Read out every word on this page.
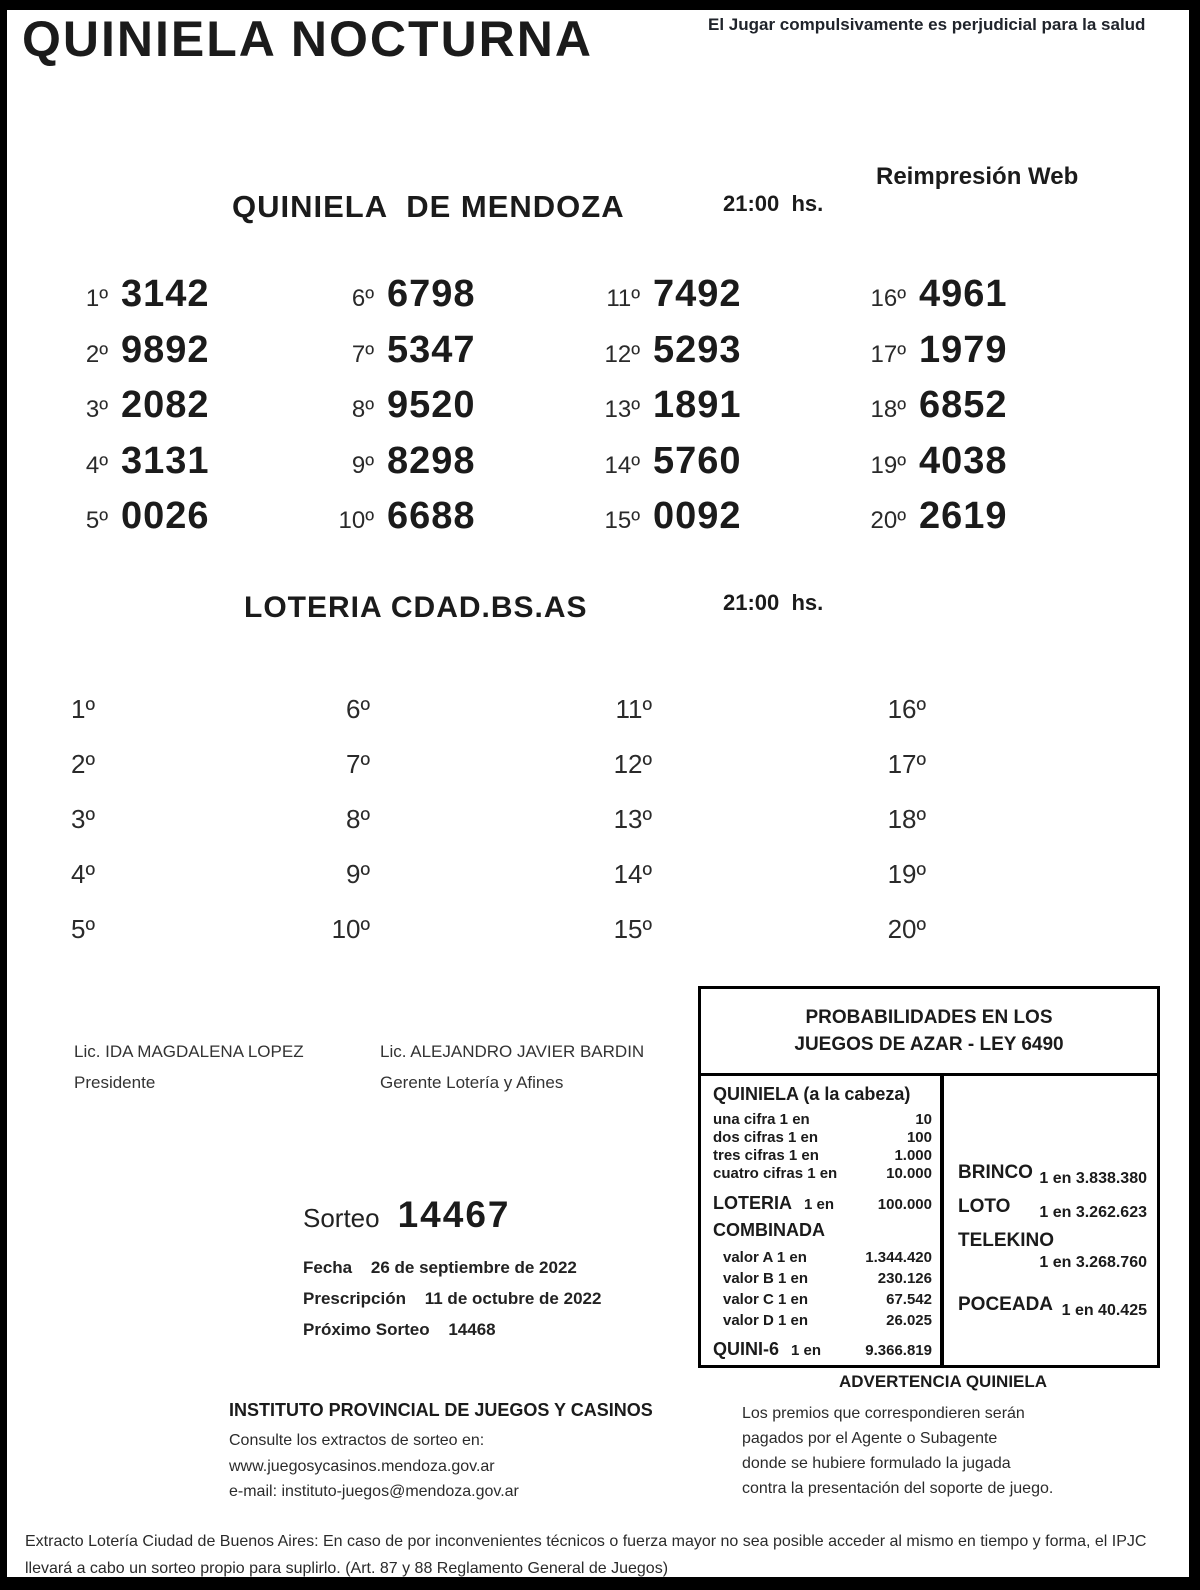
QUINIELA NOCTURNA	El Jugar compulsivamente es perjudicial para la salud
Reimpresión Web
QUINIELA  DE MENDOZA	21:00  hs.
1º 3142
2º 9892
3º 2082
4º 3131
5º 0026
6º 6798
7º 5347
8º 9520
9º 8298
10º 6688
11º 7492
12º 5293
13º 1891
14º 5760
15º 0092
16º 4961
17º 1979
18º 6852
19º 4038
20º 2619
LOTERIA CDAD.BS.AS	21:00  hs.
1º
2º
3º
4º
5º
6º
7º
8º
9º
10º
11º
12º
13º
14º
15º
16º
17º
18º
19º
20º
Lic. IDA MAGDALENA LOPEZ
Presidente
Lic. ALEJANDRO JAVIER BARDIN
Gerente Lotería y Afines
Sorteo 14467
Fecha 26 de septiembre de 2022
Prescripción 11 de octubre de 2022
Próximo Sorteo 14468
PROBABILIDADES EN LOS
JUEGOS DE AZAR - LEY 6490
QUINIELA (a la cabeza)
una cifra 1 en	10
dos cifras 1 en	100
tres cifras 1 en	1.000
cuatro cifras 1 en	10.000
LOTERIA 1 en	100.000
COMBINADA
valor A 1 en	1.344.420
valor B 1 en	230.126
valor C 1 en	67.542
valor D 1 en	26.025
QUINI-6 1 en	9.366.819
BRINCO 1 en 3.838.380
LOTO 1 en 3.262.623
TELEKINO
1 en 3.268.760
POCEADA 1 en 40.425
ADVERTENCIA QUINIELA
Los premios que correspondieren serán
pagados por el Agente o Subagente
donde se hubiere formulado la jugada
contra la presentación del soporte de juego.
INSTITUTO PROVINCIAL DE JUEGOS Y CASINOS
Consulte los extractos de sorteo en:
www.juegosycasinos.mendoza.gov.ar
e-mail: instituto-juegos@mendoza.gov.ar
Extracto Lotería Ciudad de Buenos Aires: En caso de por inconvenientes técnicos o fuerza mayor no sea posible acceder al mismo en tiempo y forma, el IPJC llevará a cabo un sorteo propio para suplirlo. (Art. 87 y 88 Reglamento General de Juegos)
